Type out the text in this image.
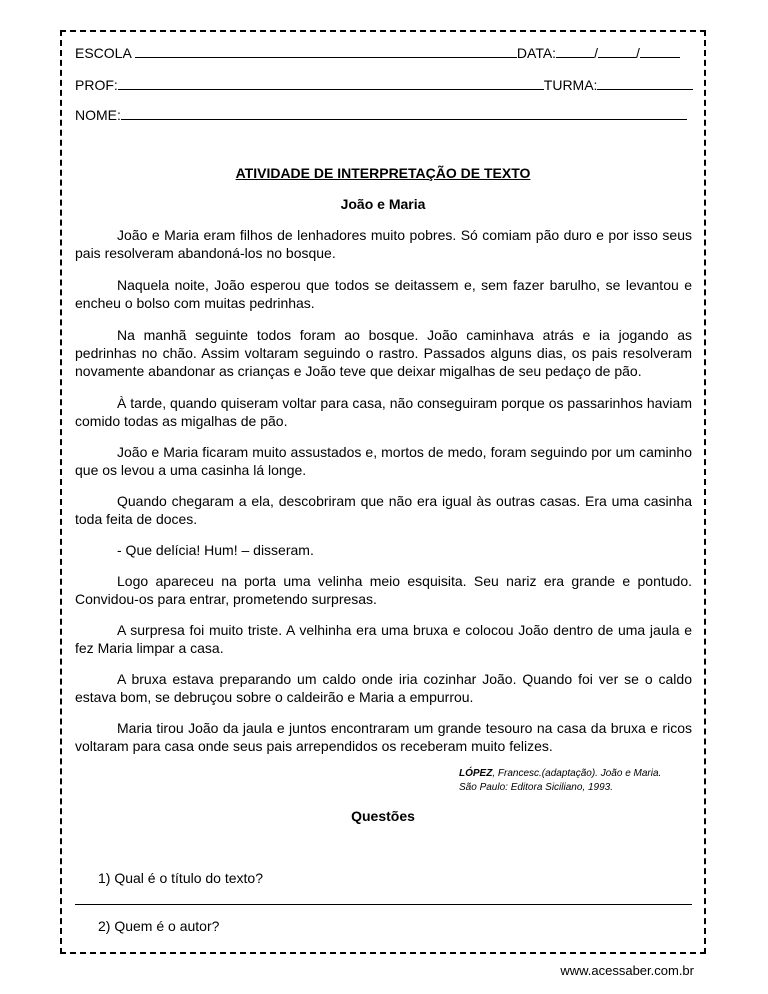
ESCOLA	DATA:	/	/
PROF:	TURMA:
NOME:
ATIVIDADE DE INTERPRETAÇÃO DE TEXTO
João e Maria

João e Maria eram filhos de lenhadores muito pobres. Só comiam pão duro e por isso seus pais resolveram abandoná-los no bosque.

Naquela noite, João esperou que todos se deitassem e, sem fazer barulho, se levantou e encheu o bolso com muitas pedrinhas.

Na manhã seguinte todos foram ao bosque. João caminhava atrás e ia jogando as pedrinhas no chão. Assim voltaram seguindo o rastro. Passados alguns dias, os pais resolveram novamente abandonar as crianças e João teve que deixar migalhas de seu pedaço de pão.

À tarde, quando quiseram voltar para casa, não conseguiram porque os passarinhos haviam comido todas as migalhas de pão.

João e Maria ficaram muito assustados e, mortos de medo, foram seguindo por um caminho que os levou a uma casinha lá longe.

Quando chegaram a ela, descobriram que não era igual às outras casas. Era uma casinha toda feita de doces.

- Que delícia! Hum! – disseram.

Logo apareceu na porta uma velinha meio esquisita. Seu nariz era grande e pontudo. Convidou-os para entrar, prometendo surpresas.

A surpresa foi muito triste. A velhinha era uma bruxa e colocou João dentro de uma jaula e fez Maria limpar a casa.

A bruxa estava preparando um caldo onde iria cozinhar João. Quando foi ver se o caldo estava bom, se debruçou sobre o caldeirão e Maria a empurrou.

Maria tirou João da jaula e juntos encontraram um grande tesouro na casa da bruxa e ricos voltaram para casa onde seus pais arrependidos os receberam muito felizes.

LÓPEZ, Francesc.(adaptação). João e Maria.
São Paulo: Editora Siciliano, 1993.
Questões
1) Qual é o título do texto?
2) Quem é o autor?
www.acessaber.com.br
